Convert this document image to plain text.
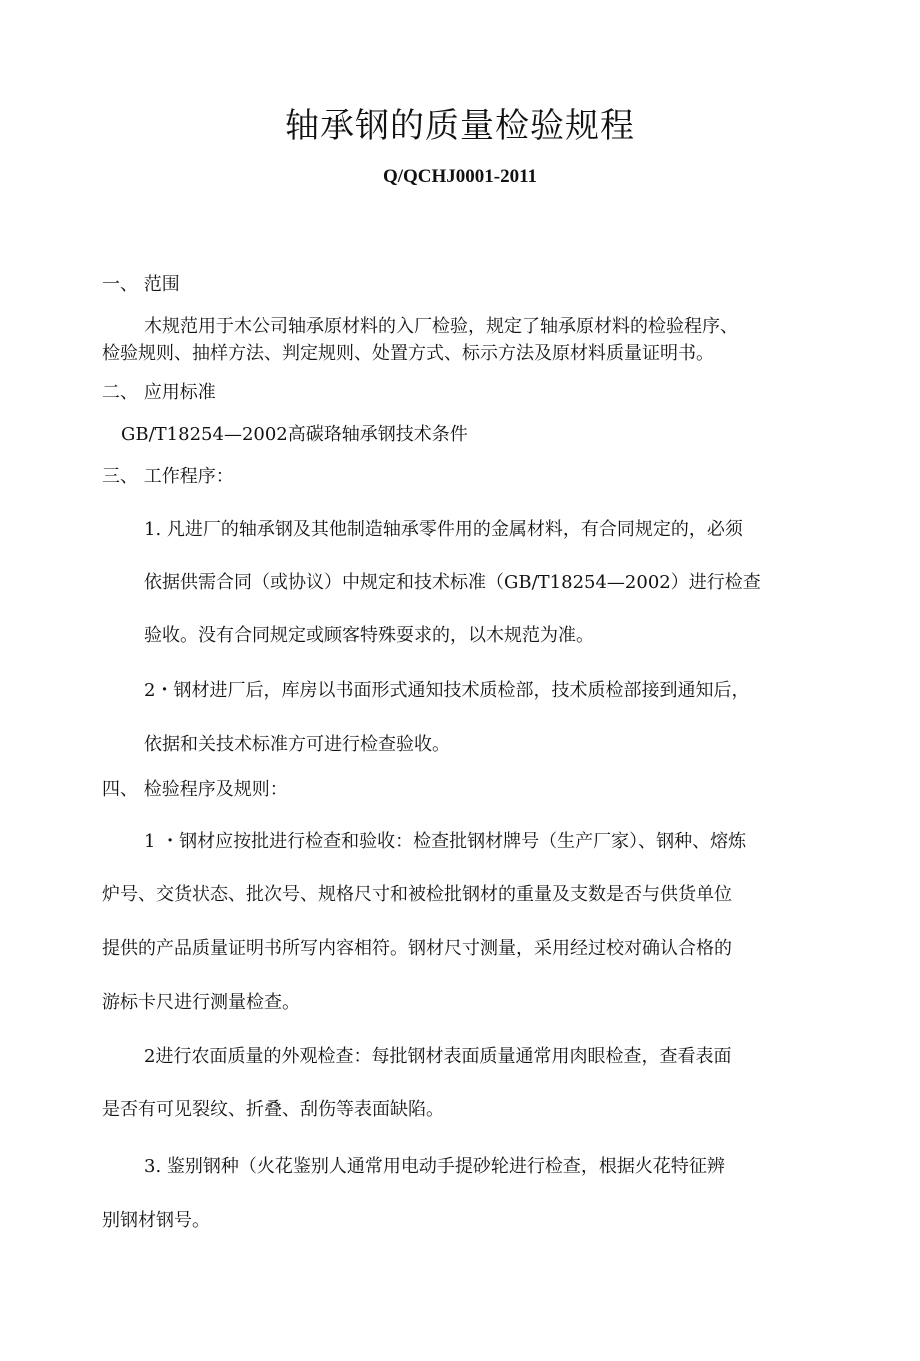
轴承钢的质量检验规程
Q/QCHJ0001-2011
一、 范围
木规范用于木公司轴承原材料的入厂检验，规定了轴承原材料的检验程序、
检验规则、抽样方法、判定规则、处置方式、标示方法及原材料质量证明书。
二、 应用标准
GB/T18254—2002高碳珞轴承钢技术条件
三、 工作程序：
1. 凡进厂的轴承钢及其他制造轴承零件用的金属材料，有合同规定的，必须
依据供需合同（或协议）中规定和技术标准（GB/T18254—2002）进行检查
验收。没有合同规定或顾客特殊耍求的，以木规范为准。
2・钢材进厂后，库房以书面形式通知技术质检部，技术质检部接到通知后，
依据和关技术标准方可进行检查验收。
四、 检验程序及规则：
1 ・钢材应按批进行检查和验收：检查批钢材牌号（生产厂家）、钢种、熔炼
炉号、交货状态、批次号、规格尺寸和被检批钢材的重量及支数是否与供货单位
提供的产品质量证明书所写内容相符。钢材尺寸测量，采用经过校对确认合格的
游标卡尺进行测量检查。
2进行农面质量的外观检查：每批钢材表面质量通常用肉眼检查，查看表面
是否有可见裂纹、折叠、刮伤等表面缺陷。
3. 鉴别钢种（火花鉴别人通常用电动手提砂轮进行检查，根据火花特征辨
别钢材钢号。
